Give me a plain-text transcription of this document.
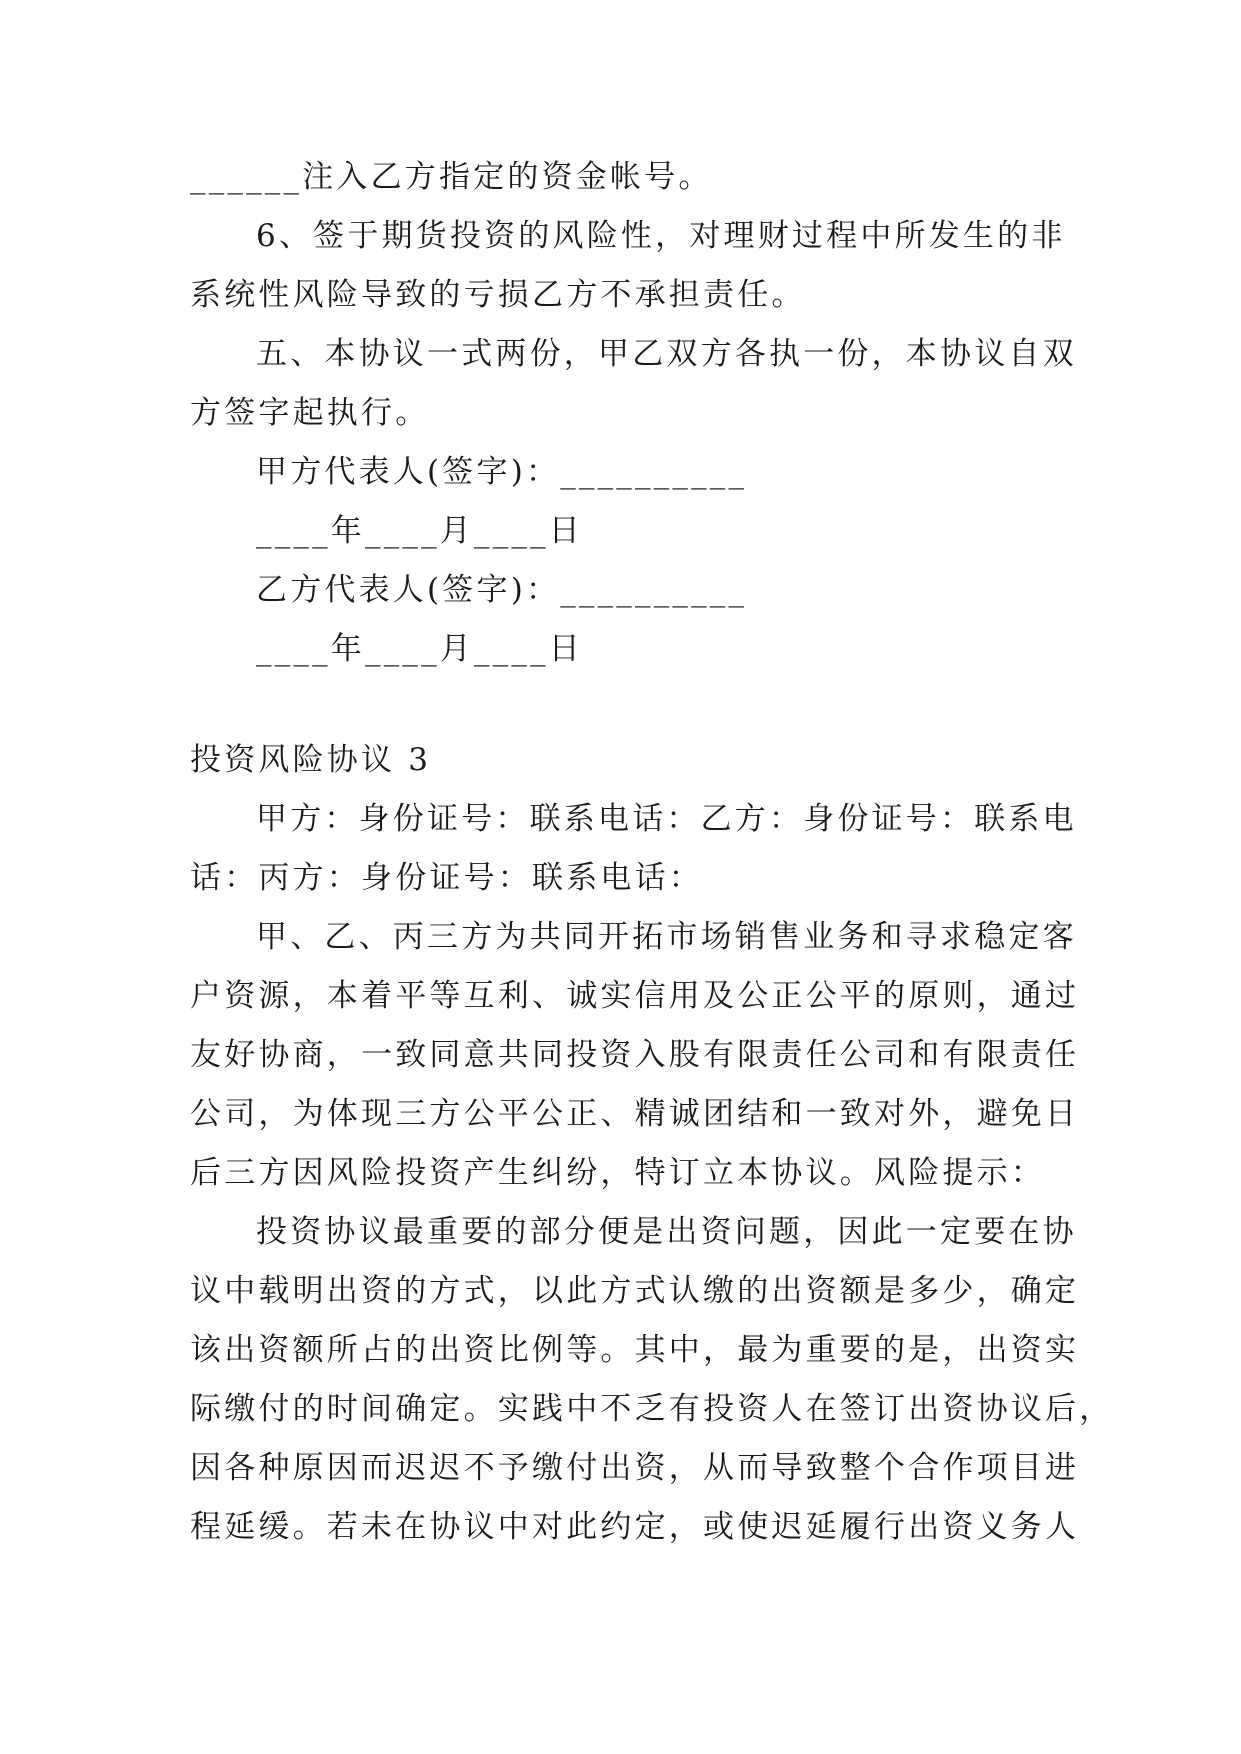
______注入乙方指定的资金帐号。
6、签于期货投资的风险性，对理财过程中所发生的非
系统性风险导致的亏损乙方不承担责任。
五、本协议一式两份，甲乙双方各执一份，本协议自双
方签字起执行。
甲方代表人(签字)：__________
____年____月____日
乙方代表人(签字)：__________
____年____月____日
投资风险协议 3
甲方：身份证号：联系电话：乙方：身份证号：联系电
话：丙方：身份证号：联系电话：
甲、乙、丙三方为共同开拓市场销售业务和寻求稳定客
户资源，本着平等互利、诚实信用及公正公平的原则，通过
友好协商，一致同意共同投资入股有限责任公司和有限责任
公司，为体现三方公平公正、精诚团结和一致对外，避免日
后三方因风险投资产生纠纷，特订立本协议。风险提示：
投资协议最重要的部分便是出资问题，因此一定要在协
议中载明出资的方式，以此方式认缴的出资额是多少，确定
该出资额所占的出资比例等。其中，最为重要的是，出资实
际缴付的时间确定。实践中不乏有投资人在签订出资协议后，
因各种原因而迟迟不予缴付出资，从而导致整个合作项目进
程延缓。若未在协议中对此约定，或使迟延履行出资义务人
